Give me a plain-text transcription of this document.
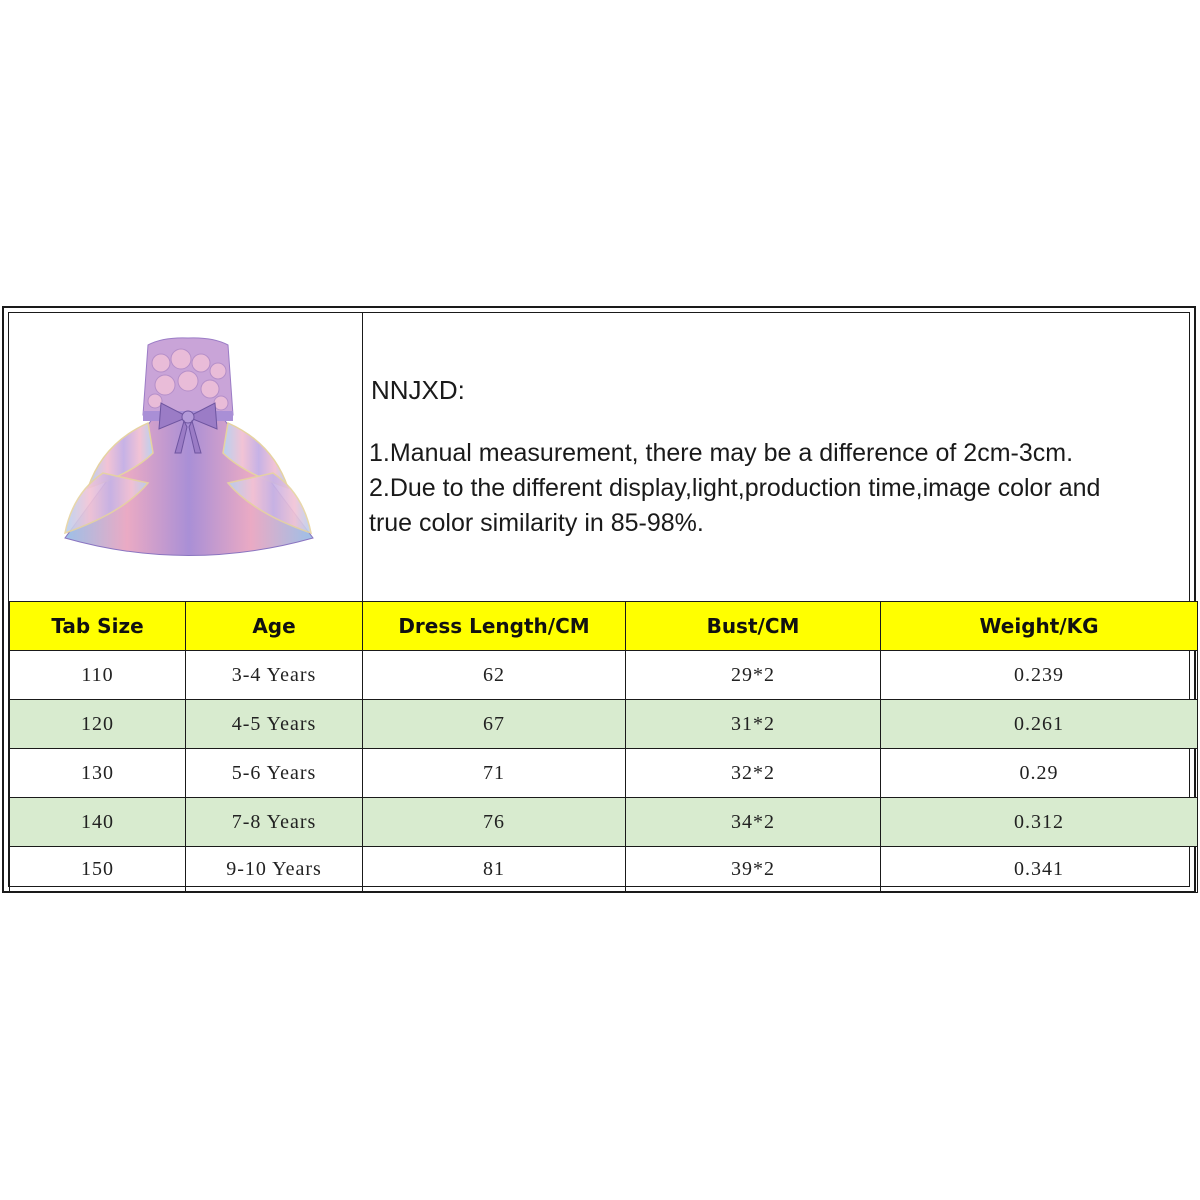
NNJXD:
1.Manual measurement, there may be a difference of 2cm-3cm.
2.Due to the different display,light,production time,image color and
true color similarity in 85-98%.
Tab Size	Age	Dress Length/CM	Bust/CM	Weight/KG
110	3-4 Years	62	29*2	0.239
120	4-5 Years	67	31*2	0.261
130	5-6 Years	71	32*2	0.29
140	7-8 Years	76	34*2	0.312
150	9-10 Years	81	39*2	0.341
